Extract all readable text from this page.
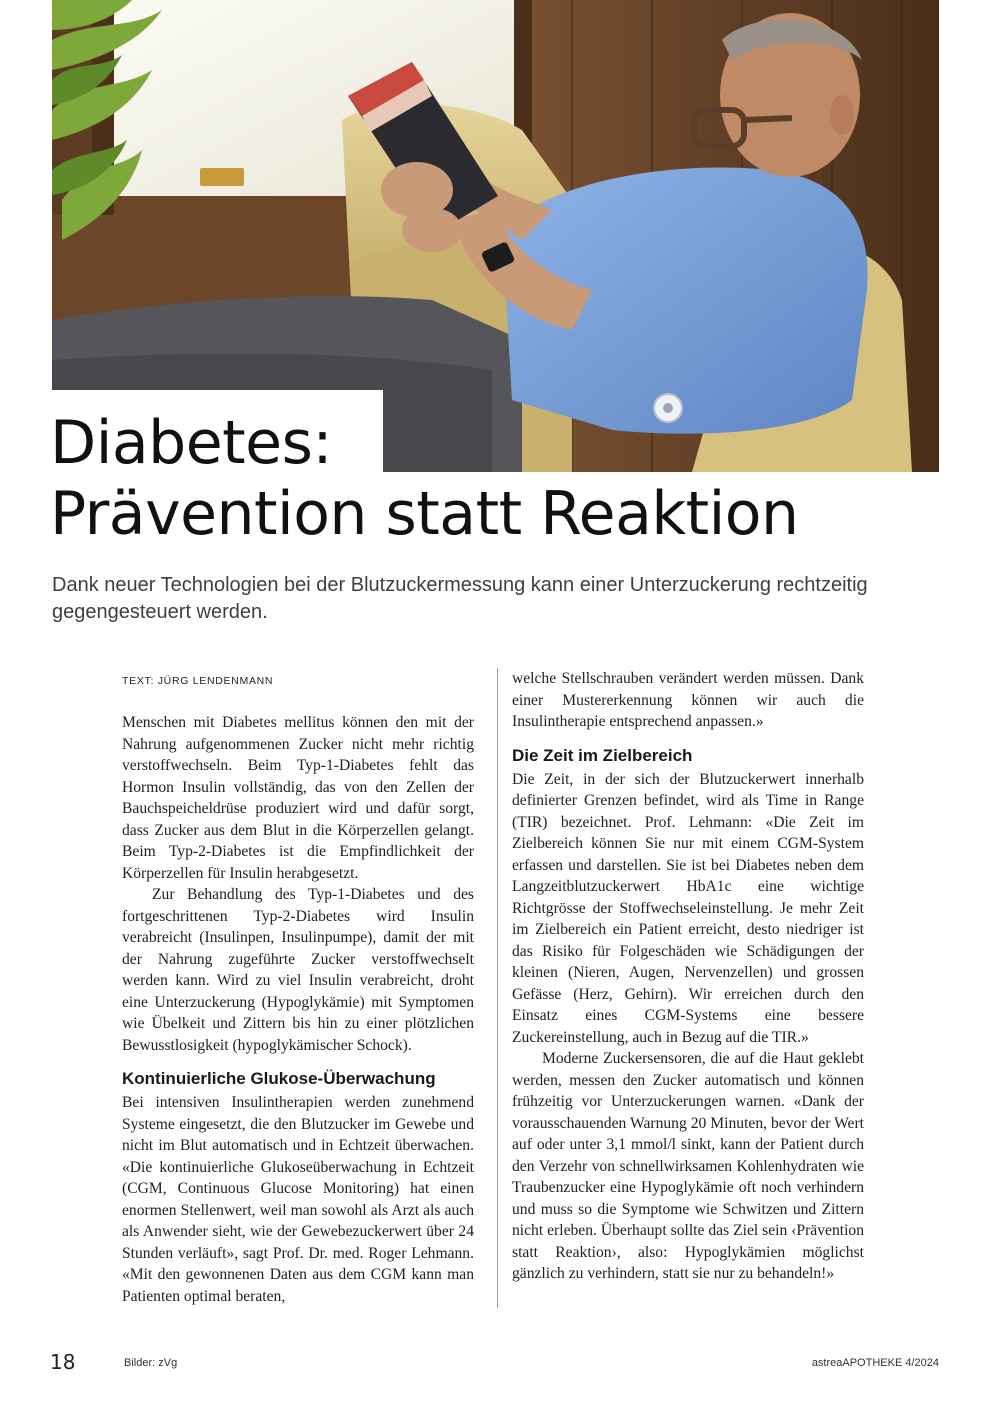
Diabetes:
Prävention statt Reaktion

Dank neuer Technologien bei der Blutzuckermessung kann einer Unterzuckerung rechtzeitig gegengesteuert werden.

TEXT: JÜRG LENDENMANN

Menschen mit Diabetes mellitus können den mit der Nahrung aufgenommenen Zucker nicht mehr richtig verstoffwechseln. Beim Typ-1-Diabetes fehlt das Hormon Insulin vollständig, das von den Zellen der Bauchspeicheldrüse produziert wird und dafür sorgt, dass Zucker aus dem Blut in die Körperzellen gelangt. Beim Typ-2-Diabetes ist die Empfindlichkeit der Körperzellen für Insulin herabgesetzt.

Zur Behandlung des Typ-1-Diabetes und des fortgeschrittenen Typ-2-Diabetes wird Insulin verabreicht (Insulinpen, Insulinpumpe), damit der mit der Nahrung zugeführte Zucker verstoffwechselt werden kann. Wird zu viel Insulin verabreicht, droht eine Unterzuckerung (Hypoglykämie) mit Symptomen wie Übelkeit und Zittern bis hin zu einer plötzlichen Bewusstlosigkeit (hypoglykämischer Schock).

Kontinuierliche Glukose-Überwachung

Bei intensiven Insulintherapien werden zunehmend Systeme eingesetzt, die den Blutzucker im Gewebe und nicht im Blut automatisch und in Echtzeit überwachen. «Die kontinuierliche Glukoseüberwachung in Echtzeit (CGM, Continuous Glucose Monitoring) hat einen enormen Stellenwert, weil man sowohl als Arzt als auch als Anwender sieht, wie der Gewebezuckerwert über 24 Stunden verläuft», sagt Prof. Dr. med. Roger Lehmann. «Mit den gewonnenen Daten aus dem CGM kann man Patienten optimal beraten,

welche Stellschrauben verändert werden müssen. Dank einer Mustererkennung können wir auch die Insulintherapie entsprechend anpassen.»

Die Zeit im Zielbereich

Die Zeit, in der sich der Blutzuckerwert innerhalb definierter Grenzen befindet, wird als Time in Range (TIR) bezeichnet. Prof. Lehmann: «Die Zeit im Zielbereich können Sie nur mit einem CGM-System erfassen und darstellen. Sie ist bei Diabetes neben dem Langzeitblutzuckerwert HbA1c eine wichtige Richtgrösse der Stoffwechseleinstellung. Je mehr Zeit im Zielbereich ein Patient erreicht, desto niedriger ist das Risiko für Folgeschäden wie Schädigungen der kleinen (Nieren, Augen, Nervenzellen) und grossen Gefässe (Herz, Gehirn). Wir erreichen durch den Einsatz eines CGM-Systems eine bessere Zuckereinstellung, auch in Bezug auf die TIR.»

Moderne Zuckersensoren, die auf die Haut geklebt werden, messen den Zucker automatisch und können frühzeitig vor Unterzuckerungen warnen. «Dank der vorausschauenden Warnung 20 Minuten, bevor der Wert auf oder unter 3,1 mmol/l sinkt, kann der Patient durch den Verzehr von schnellwirksamen Kohlenhydraten wie Traubenzucker eine Hypoglykämie oft noch verhindern und muss so die Symptome wie Schwitzen und Zittern nicht erleben. Überhaupt sollte das Ziel sein ‹Prävention statt Reaktion›, also: Hypoglykämien möglichst gänzlich zu verhindern, statt sie nur zu behandeln!»

18	Bilder: zVg	astreaAPOTHEKE 4/2024
